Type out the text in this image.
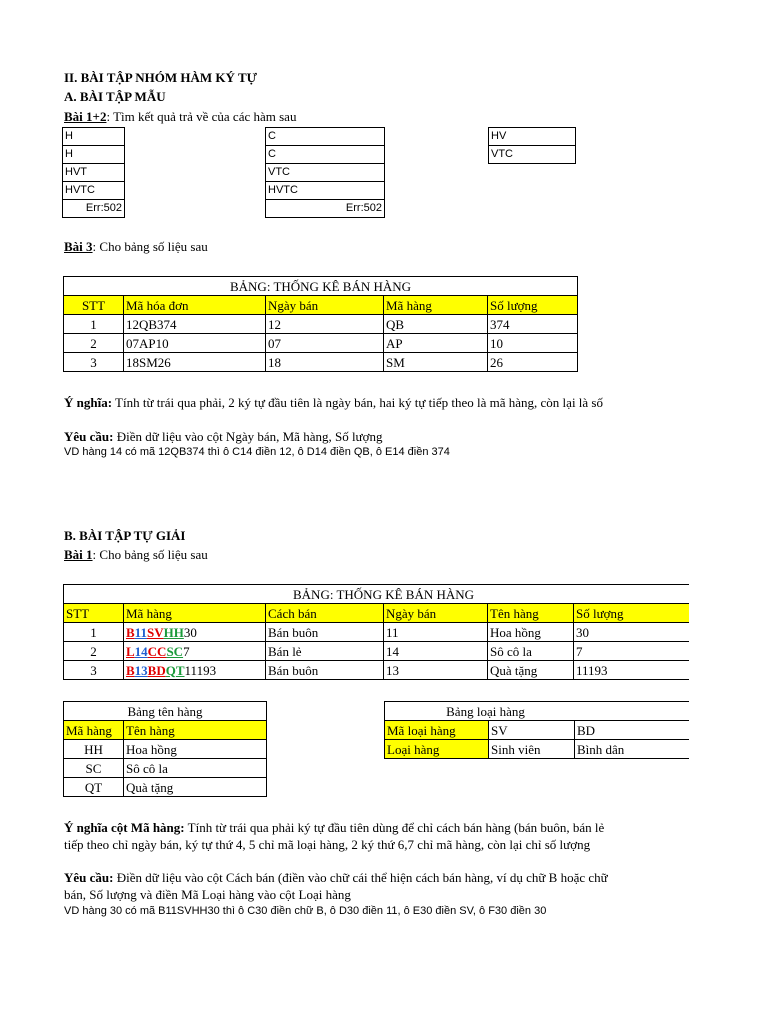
II. BÀI TẬP NHÓM HÀM KÝ TỰ
A. BÀI TẬP MẪU
Bài 1+2: Tìm kết quả trả về của các hàm sau
H
H
HVT
HVTC
Err:502
C
C
VTC
HVTC
Err:502
HV
VTC
Bài 3: Cho bảng số liệu sau
BẢNG: THỐNG KÊ BÁN HÀNG				
STT	Mã hóa đơn	Ngày bán	Mã hàng	Số lượng
1	12QB374	12	QB	374
2	07AP10	07	AP	10
3	18SM26	18	SM	26
Ý nghĩa: Tính từ trái qua phải, 2 ký tự đầu tiên là ngày bán, hai ký tự tiếp theo là mã hàng, còn lại là số
Yêu cầu: Điền dữ liệu vào cột Ngày bán, Mã hàng, Số lượng
VD hàng 14 có mã 12QB374 thì ô C14 điền 12, ô D14 điền QB, ô E14 điền 374
B. BÀI TẬP TỰ GIẢI
Bài 1: Cho bảng số liệu sau
BẢNG: THỐNG KÊ BÁN HÀNG					
STT	Mã hàng	Cách bán	Ngày bán	Tên hàng	Số lượng
1	B11SVHH30	Bán buôn	11	Hoa hồng	30
2	L14CCSC7	Bán lẻ	14	Sô cô la	7
3	B13BDQT11193	Bán buôn	13	Quà tặng	11193
Bảng tên hàng	
Mã hàng	Tên hàng
HH	Hoa hồng
SC	Sô cô la
QT	Quà tặng
Bảng loại hàng		
Mã loại hàng	SV	BD
Loại hàng	Sinh viên	Bình dân
Ý nghĩa cột Mã hàng: Tính từ trái qua phải ký tự đầu tiên dùng để chỉ cách bán hàng (bán buôn, bán lẻ
tiếp theo chỉ ngày bán, ký tự thứ 4, 5 chỉ mã loại hàng, 2 ký thứ 6,7 chỉ mã hàng, còn lại chỉ số lượng
Yêu cầu: Điền dữ liệu vào cột Cách bán (điền vào chữ cái thể hiện cách bán hàng, ví dụ chữ B hoặc chữ
bán, Số lượng và điền Mã Loại hàng vào cột Loại hàng
VD hàng 30 có mã B11SVHH30 thì ô C30 điền chữ B, ô D30 điền 11, ô E30 điền SV, ô F30 điền 30
